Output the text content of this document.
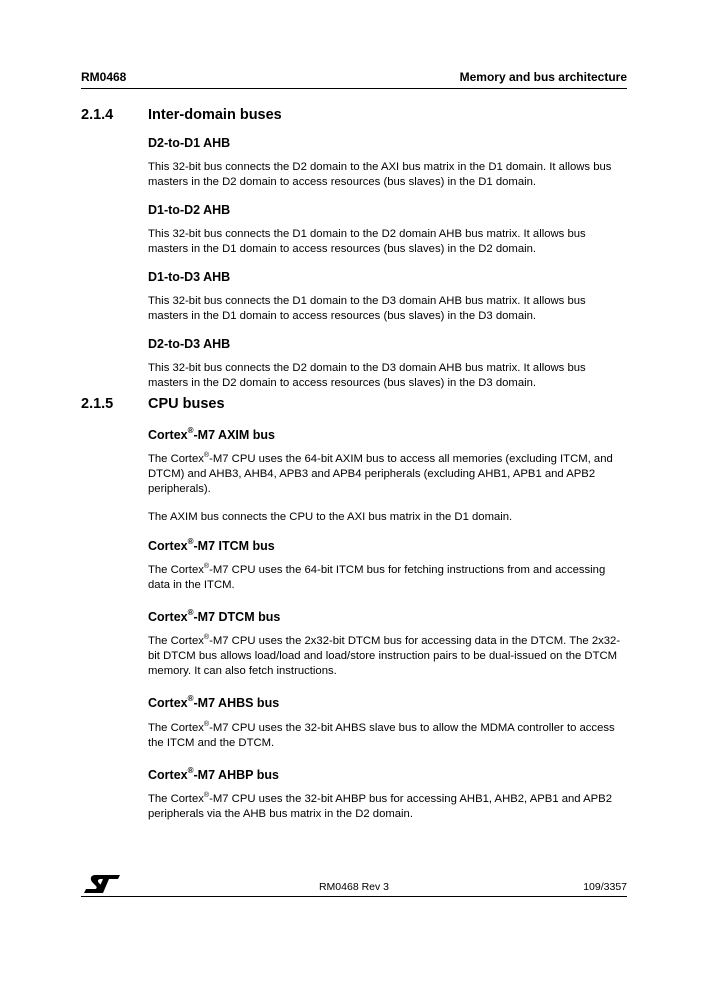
RM0468	Memory and bus architecture
2.1.4 Inter-domain buses
D2-to-D1 AHB

This 32-bit bus connects the D2 domain to the AXI bus matrix in the D1 domain. It allows bus masters in the D2 domain to access resources (bus slaves) in the D1 domain.

D1-to-D2 AHB

This 32-bit bus connects the D1 domain to the D2 domain AHB bus matrix. It allows bus masters in the D1 domain to access resources (bus slaves) in the D2 domain.

D1-to-D3 AHB

This 32-bit bus connects the D1 domain to the D3 domain AHB bus matrix. It allows bus masters in the D1 domain to access resources (bus slaves) in the D3 domain.

D2-to-D3 AHB

This 32-bit bus connects the D2 domain to the D3 domain AHB bus matrix. It allows bus masters in the D2 domain to access resources (bus slaves) in the D3 domain.

2.1.5 CPU buses
Cortex®-M7 AXIM bus

The Cortex®-M7 CPU uses the 64-bit AXIM bus to access all memories (excluding ITCM, and DTCM) and AHB3, AHB4, APB3 and APB4 peripherals (excluding AHB1, APB1 and APB2 peripherals).

The AXIM bus connects the CPU to the AXI bus matrix in the D1 domain.

Cortex®-M7 ITCM bus

The Cortex®-M7 CPU uses the 64-bit ITCM bus for fetching instructions from and accessing data in the ITCM.

Cortex®-M7 DTCM bus

The Cortex®-M7 CPU uses the 2x32-bit DTCM bus for accessing data in the DTCM. The 2x32-bit DTCM bus allows load/load and load/store instruction pairs to be dual-issued on the DTCM memory. It can also fetch instructions.

Cortex®-M7 AHBS bus

The Cortex®-M7 CPU uses the 32-bit AHBS slave bus to allow the MDMA controller to access the ITCM and the DTCM.

Cortex®-M7 AHBP bus

The Cortex®-M7 CPU uses the 32-bit AHBP bus for accessing AHB1, AHB2, APB1 and APB2 peripherals via the AHB bus matrix in the D2 domain.

RM0468 Rev 3	109/3357
